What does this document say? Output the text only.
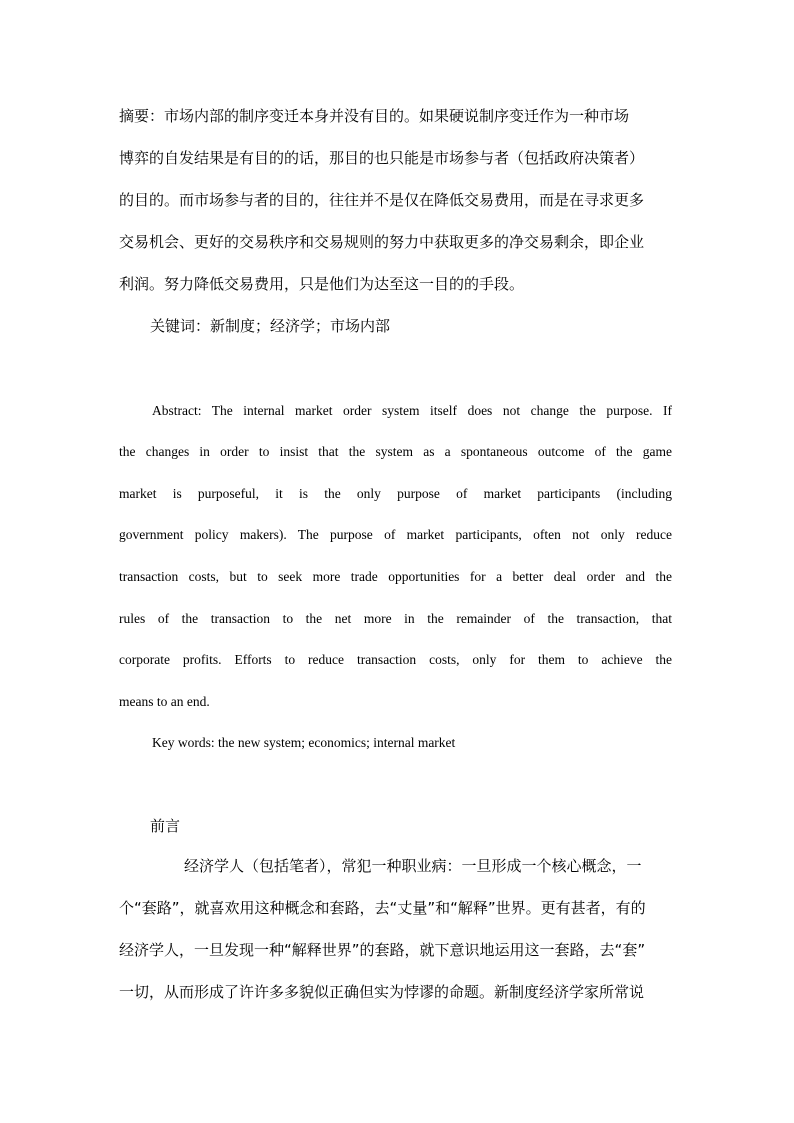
摘要：市场内部的制序变迁本身并没有目的。如果硬说制序变迁作为一种市场
博弈的自发结果是有目的的话，那目的也只能是市场参与者（包括政府决策者）
的目的。而市场参与者的目的，往往并不是仅在降低交易费用，而是在寻求更多
交易机会、更好的交易秩序和交易规则的努力中获取更多的净交易剩余，即企业
利润。努力降低交易费用，只是他们为达至这一目的的手段。
关键词：新制度；经济学；市场内部
Abstract: The internal market order system itself does not change the purpose. If
the changes in order to insist that the system as a spontaneous outcome of the game
market is purposeful, it is the only purpose of market participants (including
government policy makers). The purpose of market participants, often not only reduce
transaction costs, but to seek more trade opportunities for a better deal order and the
rules of the transaction to the net more in the remainder of the transaction, that
corporate profits. Efforts to reduce transaction costs, only for them to achieve the
means to an end.
Key words: the new system; economics; internal market
前言
经济学人（包括笔者），常犯一种职业病：一旦形成一个核心概念，一
个“套路”，就喜欢用这种概念和套路，去“丈量”和“解释”世界。更有甚者，有的
经济学人，一旦发现一种“解释世界”的套路，就下意识地运用这一套路，去“套”
一切，从而形成了许许多多貌似正确但实为悖谬的命题。新制度经济学家所常说
